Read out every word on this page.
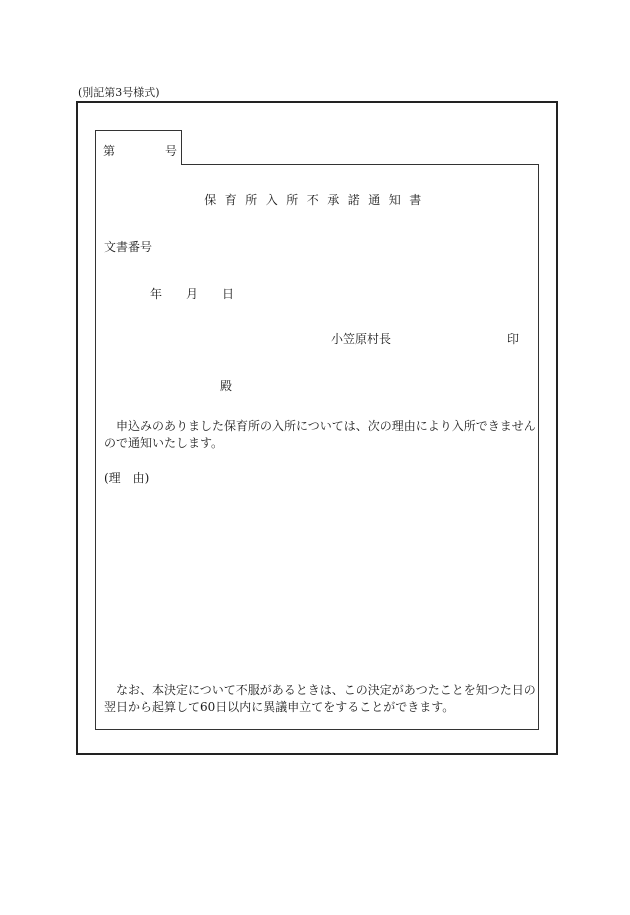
(別記第3号様式)
第	号
保育所入所不承諾通知書
文書番号
年 月 日
小笠原村長	印
殿
申込みのありました保育所の入所については、次の理由により入所できません
ので通知いたします。
(理　由)
なお、本決定について不服があるときは、この決定があつたことを知つた日の
翌日から起算して60日以内に異議申立てをすることができます。
